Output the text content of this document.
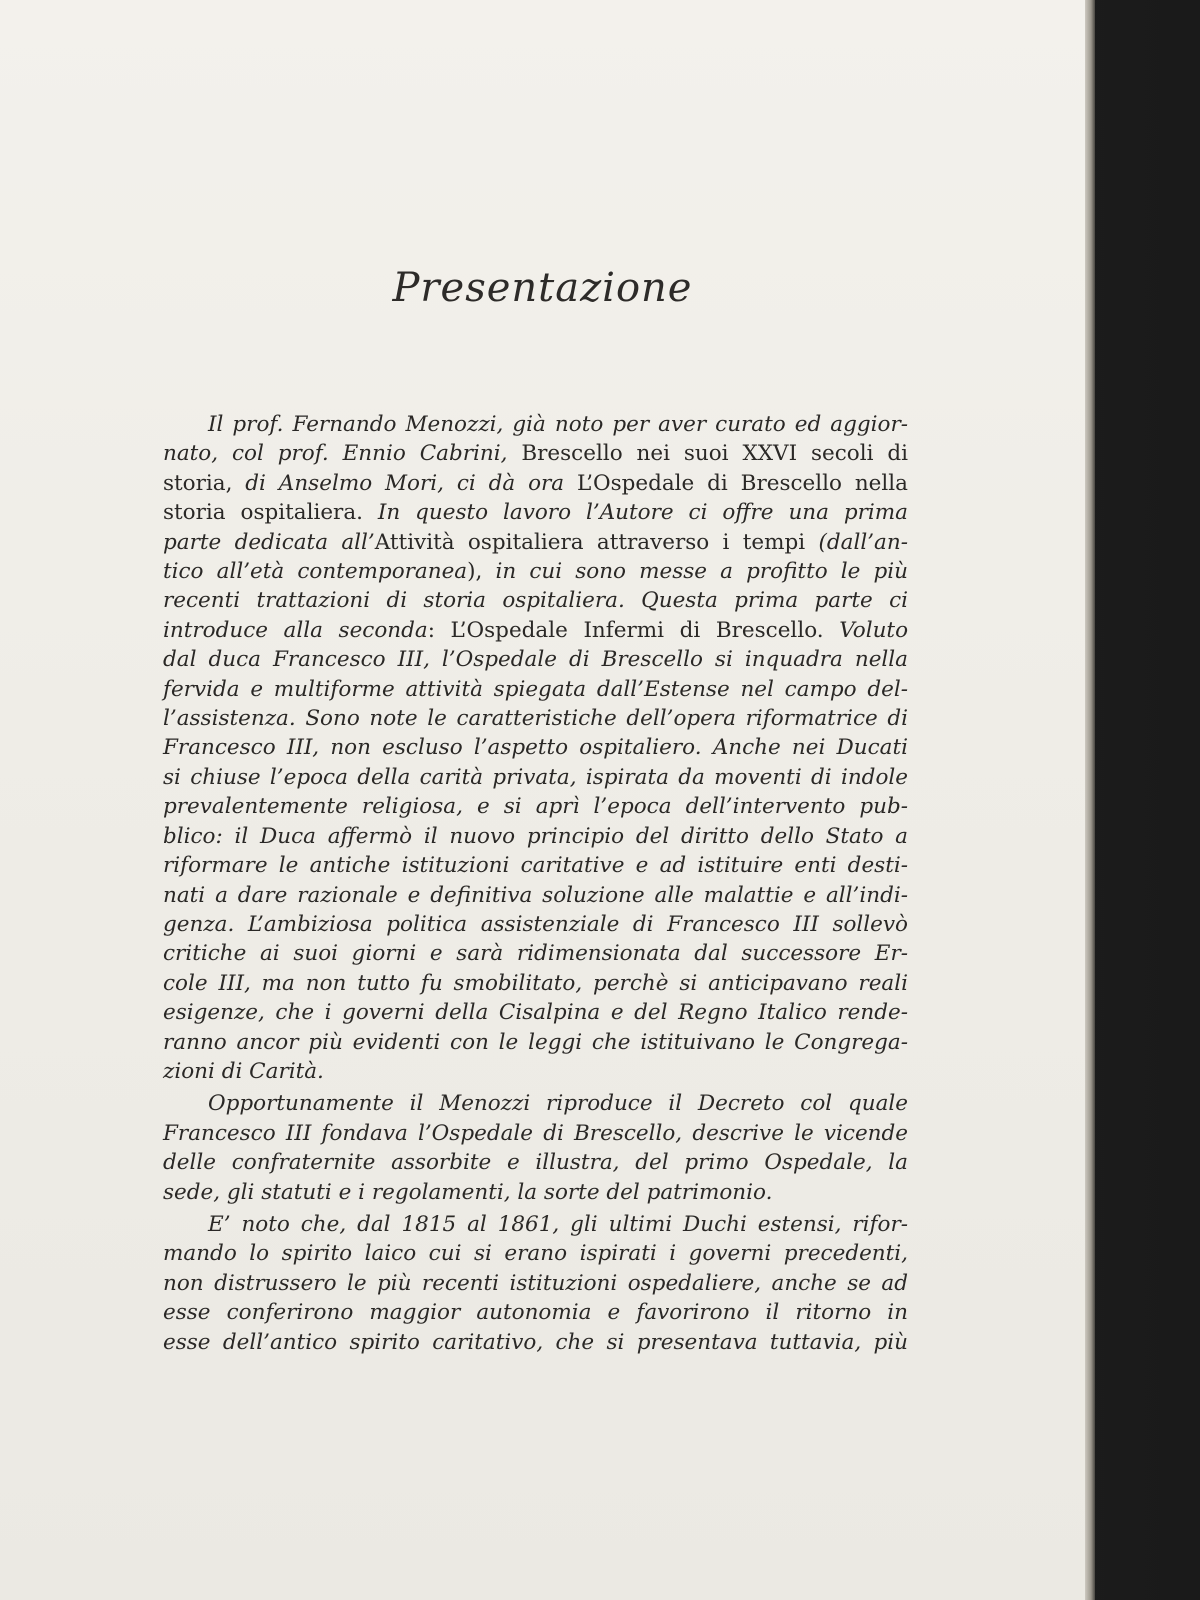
Presentazione
Il prof. Fernando Menozzi, già noto per aver curato ed aggior-
nato, col prof. Ennio Cabrini, Brescello nei suoi XXVI secoli di
storia, di Anselmo Mori, ci dà ora L’Ospedale di Brescello nella
storia ospitaliera. In questo lavoro l’Autore ci offre una prima
parte dedicata all’Attività ospitaliera attraverso i tempi (dall’an-
tico all’età contemporanea), in cui sono messe a profitto le più
recenti trattazioni di storia ospitaliera. Questa prima parte ci
introduce alla seconda: L’Ospedale Infermi di Brescello. Voluto
dal duca Francesco III, l’Ospedale di Brescello si inquadra nella
fervida e multiforme attività spiegata dall’Estense nel campo del-
l’assistenza. Sono note le caratteristiche dell’opera riformatrice di
Francesco III, non escluso l’aspetto ospitaliero. Anche nei Ducati
si chiuse l’epoca della carità privata, ispirata da moventi di indole
prevalentemente religiosa, e si aprì l’epoca dell’intervento pub-
blico: il Duca affermò il nuovo principio del diritto dello Stato a
riformare le antiche istituzioni caritative e ad istituire enti desti-
nati a dare razionale e definitiva soluzione alle malattie e all’indi-
genza. L’ambiziosa politica assistenziale di Francesco III sollevò
critiche ai suoi giorni e sarà ridimensionata dal successore Er-
cole III, ma non tutto fu smobilitato, perchè si anticipavano reali
esigenze, che i governi della Cisalpina e del Regno Italico rende-
ranno ancor più evidenti con le leggi che istituivano le Congrega-
zioni di Carità.
Opportunamente il Menozzi riproduce il Decreto col quale
Francesco III fondava l’Ospedale di Brescello, descrive le vicende
delle confraternite assorbite e illustra, del primo Ospedale, la
sede, gli statuti e i regolamenti, la sorte del patrimonio.
E’ noto che, dal 1815 al 1861, gli ultimi Duchi estensi, rifor-
mando lo spirito laico cui si erano ispirati i governi precedenti,
non distrussero le più recenti istituzioni ospedaliere, anche se ad
esse conferirono maggior autonomia e favorirono il ritorno in
esse dell’antico spirito caritativo, che si presentava tuttavia, più
